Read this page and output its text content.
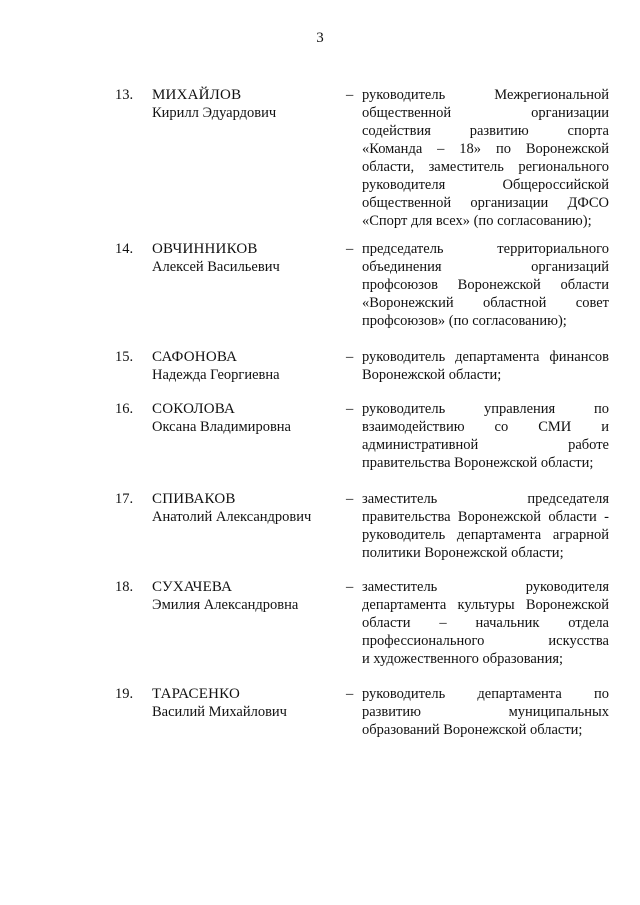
3
13. МИХАЙЛОВ
Кирилл Эдуардович
– руководитель Межрегиональной
общественной организации
содействия развитию спорта
«Команда – 18» по Воронежской
области, заместитель регионального
руководителя Общероссийской
общественной организации ДФСО
«Спорт для всех» (по согласованию);
14. ОВЧИННИКОВ
Алексей Васильевич
– председатель территориального
объединения организаций
профсоюзов Воронежской области
«Воронежский областной совет
профсоюзов» (по согласованию);
15. САФОНОВА
Надежда Георгиевна
– руководитель департамента финансов
Воронежской области;
16. СОКОЛОВА
Оксана Владимировна
– руководитель управления по
взаимодействию со СМИ и
административной работе
правительства Воронежской области;
17. СПИВАКОВ
Анатолий Александрович
– заместитель председателя
правительства Воронежской области -
руководитель департамента аграрной
политики Воронежской области;
18. СУХАЧЕВА
Эмилия Александровна
– заместитель руководителя
департамента культуры Воронежской
области – начальник отдела
профессионального искусства
и художественного образования;
19. ТАРАСЕНКО
Василий Михайлович
– руководитель департамента по
развитию муниципальных
образований Воронежской области;
